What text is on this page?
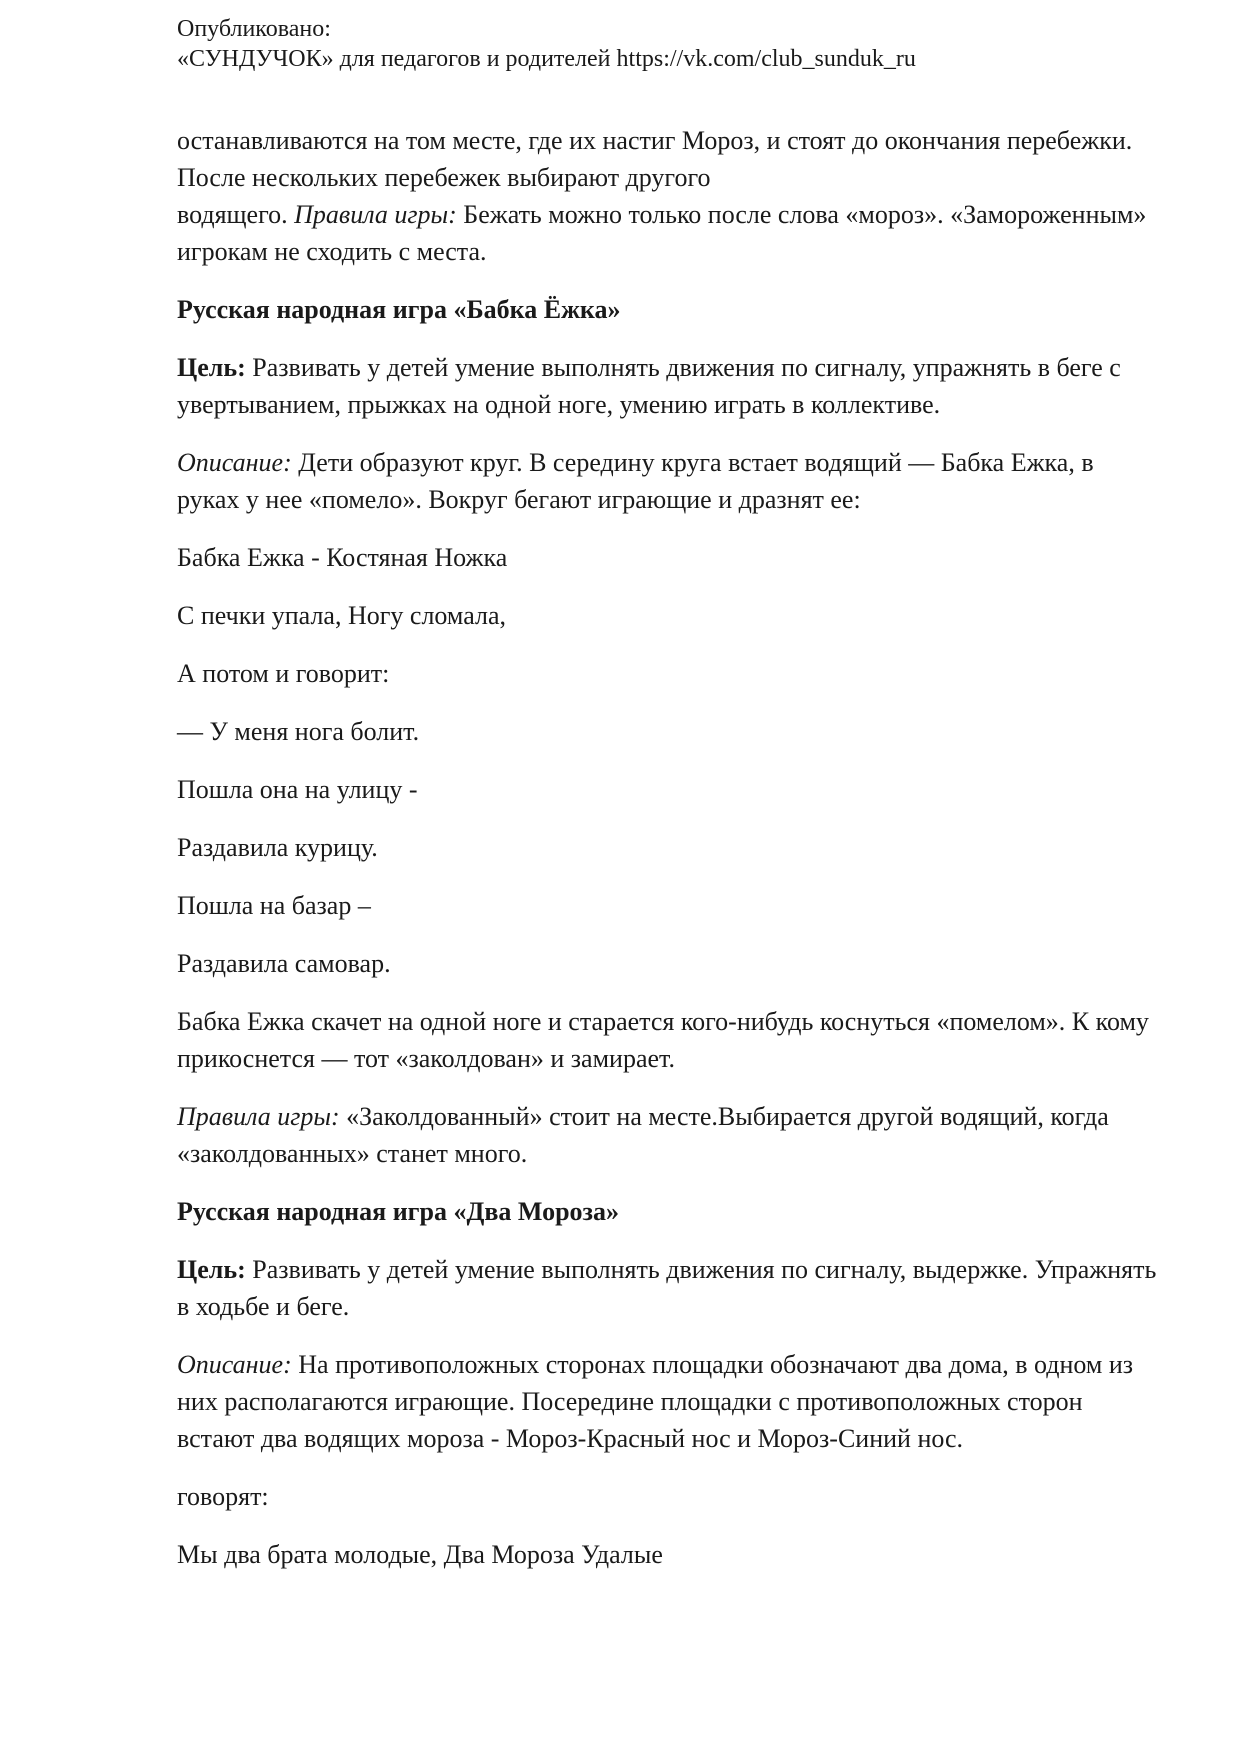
Опубликовано:
«СУНДУЧОК» для педагогов и родителей https://vk.com/club_sunduk_ru

останавливаются на том месте, где их настиг Мороз, и стоят до окончания перебежки. После нескольких перебежек выбирают другого
водящего. Правила игры: Бежать можно только после слова «мороз». «Замороженным» игрокам не сходить с места.

Русская народная игра «Бабка Ёжка»

Цель: Развивать у детей умение выполнять движения по сигналу, упражнять в беге с увертыванием, прыжках на одной ноге, умению играть в коллективе.

Описание: Дети образуют круг. В середину круга встает водящий — Бабка Ежка, в руках у нее «помело». Вокруг бегают играющие и дразнят ее:

Бабка Ежка - Костяная Ножка

С печки упала, Ногу сломала,

А потом и говорит:

— У меня нога болит.

Пошла она на улицу -

Раздавила курицу.

Пошла на базар –

Раздавила самовар.

Бабка Ежка скачет на одной ноге и старается кого-нибудь коснуться «помелом». К кому прикоснется — тот «заколдован» и замирает.

Правила игры: «Заколдованный» стоит на месте.Выбирается другой водящий, когда «заколдованных» станет много.

Русская народная игра «Два Мороза»

Цель: Развивать у детей умение выполнять движения по сигналу, выдержке. Упражнять в ходьбе и беге.

Описание: На противоположных сторонах площадки обозначают два дома, в одном из них располагаются играющие. Посередине площадки с противоположных сторон встают два водящих мороза - Мороз-Красный нос и Мороз-Синий нос.

говорят:

Мы два брата молодые, Два Мороза Удалые
